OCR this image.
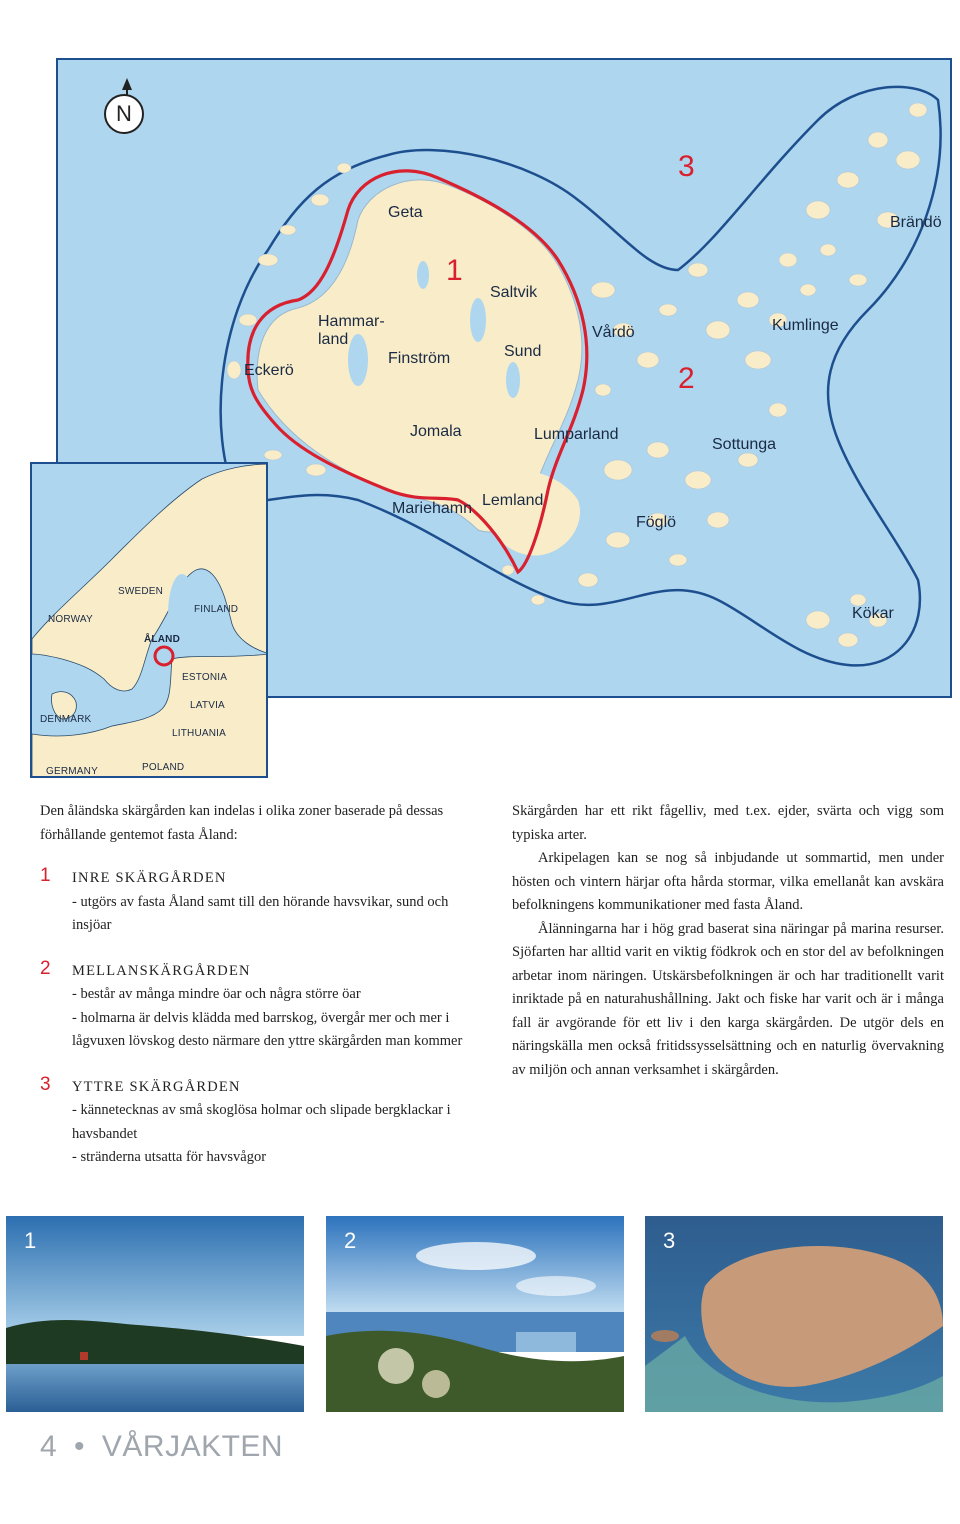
Geta
Saltvik
Hammar-
land	Vårdö
Sund
Eckerö
Finström
Jomala	Lumparland
Sottunga
Mariehamn Lemland
Föglö
Kökar
Kumlinge
Brändö
1
2
3
N
NORWAY
SWEDEN
FINLAND
ÅLAND
ESTONIA
LATVIA
DENMARK
LITHUANIA
GERMANY	POLAND
Den åländska skärgården kan indelas i olika zoner baserade på dessas förhållande gentemot fasta Åland:
1 INRE SKÄRGÅRDEN
- utgörs av fasta Åland samt till den hörande havsvikar, sund och insjöar
2 MELLANSKÄRGÅRDEN
- består av många mindre öar och några större öar
- holmarna är delvis klädda med barrskog, övergår mer och mer i lågvuxen lövskog desto närmare den yttre skärgården man kommer
3 YTTRE SKÄRGÅRDEN
- kännetecknas av små skoglösa holmar och slipade bergklackar i havsbandet
- stränderna utsatta för havsvågor

Skärgården har ett rikt fågelliv, med t.ex. ejder, svärta och vigg som typiska arter.

Arkipelagen kan se nog så inbjudande ut sommartid, men under hösten och vintern härjar ofta hårda stormar, vilka emellanåt kan avskära befolkningens kommunikationer med fasta Åland.

Ålänningarna har i hög grad baserat sina näringar på marina resurser. Sjöfarten har alltid varit en viktig födkrok och en stor del av befolkningen arbetar inom näringen. Utskärsbefolkningen är och har traditionellt varit inriktade på en naturahushållning. Jakt och fiske har varit och är i många fall är avgörande för ett liv i den karga skärgården. De utgör dels en näringskälla men också fritidssysselsättning och en naturlig övervakning av miljön och annan verksamhet i skärgården.

1	2	3
4 • VÅRJAKTEN
